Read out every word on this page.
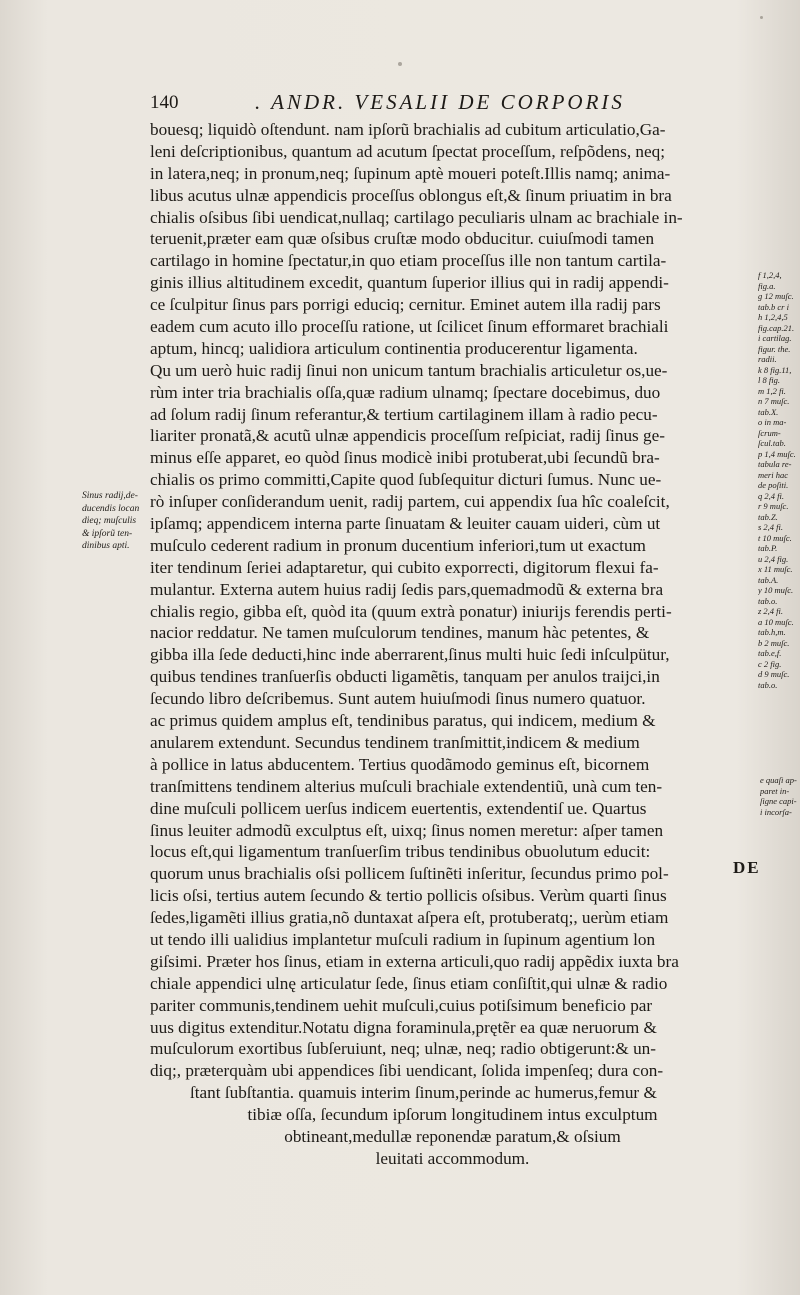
140	. ANDR. VESALII DE CORPORIS
bouesq; liquidò oſtendunt. nam ipſorũ brachialis ad cubitum articulatio,Ga-
leni deſcriptionibus, quantum ad acutum ſpectat proceſſum, reſpõdens, neq;
in latera,neq; in pronum,neq; ſupinum aptè moueri poteſt.Illis namq; anima-
libus acutus ulnæ appendicis proceſſus oblongus eſt,& ſinum priuatim in bra
chialis oſsibus ſibi uendicat,nullaq; cartilago peculiaris ulnam ac brachiale in-
teruenit,præter eam quæ oſsibus cruſtæ modo obducitur. cuiuſmodi tamen
cartilago in homine ſpectatur,in quo etiam proceſſus ille non tantum cartila-
ginis illius altitudinem excedit, quantum ſuperior illius qui in radij appendi-
ce ſculpitur ſinus pars porrigi educiq; cernitur. Eminet autem illa radij pars
eadem cum acuto illo proceſſu ratione, ut ſcilicet ſinum efformaret brachiali
aptum, hincq; ualidiora articulum continentia producerentur ligamenta.
Qu um uerò huic radij ſinui non unicum tantum brachialis articuletur os,ue-
rùm inter tria brachialis oſſa,quæ radium ulnamq; ſpectare docebimus, duo
ad ſolum radij ſinum referantur,& tertium cartilaginem illam à radio pecu-
liariter pronatã,& acutũ ulnæ appendicis proceſſum reſpiciat, radij ſinus ge-
minus eſſe apparet, eo quòd ſinus modicè inibi protuberat,ubi ſecundũ bra-
chialis os primo committi,Capite quod ſubſequitur dicturi ſumus. Nunc ue-
rò inſuper conſiderandum uenit, radij partem, cui appendix ſua hîc coaleſcit,
ipſamq; appendicem interna parte ſinuatam & leuiter cauam uideri, cùm ut
muſculo cederent radium in pronum ducentium inferiori,tum ut exactum
iter tendinum ſeriei adaptaretur, qui cubito exporrecti, digitorum flexui fa-
mulantur. Externa autem huius radij ſedis pars,quemadmodũ & externa bra
chialis regio, gibba eſt, quòd ita (quum extrà ponatur) iniurijs ferendis perti-
nacior reddatur. Ne tamen muſculorum tendines, manum hàc petentes, &
gibba illa ſede deducti,hinc inde aberrarent,ſinus multi huic ſedi inſculpütur,
quibus tendines tranſuerſis obducti ligamẽtis, tanquam per anulos traijci,in
ſecundo libro deſcribemus. Sunt autem huiuſmodi ſinus numero quatuor.
ac primus quidem amplus eſt, tendinibus paratus, qui indicem, medium &
anularem extendunt. Secundus tendinem tranſmittit,indicem & medium
à pollice in latus abducentem. Tertius quodãmodo geminus eſt, bicornem
tranſmittens tendinem alterius muſculi brachiale extendentiũ, unà cum ten-
dine muſculi pollicem uerſus indicem euertentis, extendentiſ ue. Quartus
ſinus leuiter admodũ exculptus eſt, uixq; ſinus nomen meretur: aſper tamen
locus eſt,qui ligamentum tranſuerſim tribus tendinibus obuolutum educit:
quorum unus brachialis oſsi pollicem ſuſtinẽti inſeritur, ſecundus primo pol-
licis oſsi, tertius autem ſecundo & tertio pollicis oſsibus. Verùm quarti ſinus
ſedes,ligamẽti illius gratia,nõ duntaxat aſpera eſt, protuberatq;, uerùm etiam
ut tendo illi ualidius implantetur muſculi radium in ſupinum agentium lon
giſsimi. Præter hos ſinus, etiam in externa articuli,quo radij appẽdix iuxta bra
chiale appendici ulnę articulatur ſede, ſinus etiam conſiſtit,qui ulnæ & radio
pariter communis,tendinem uehit muſculi,cuius potiſsimum beneficio par
uus digitus extenditur.Notatu digna foraminula,prętẽr ea quæ neruorum &
muſculorum exortibus ſubſeruiunt, neq; ulnæ, neq; radio obtigerunt:& un-
diq;, præterquàm ubi appendices ſibi uendicant, ſolida impenſeq; dura con-
ſtant ſubſtantia. quamuis interim ſinum,perinde ac humerus,femur &
tibiæ oſſa, ſecundum ipſorum longitudinem intus exculptum
obtineant,medullæ reponendæ paratum,& oſsium
leuitati accommodum.
Sinus radij,de-
ducendis locan
dieq; muſculis
& ipſorũ ten-
dinibus apti.
f 1,2,4,
fig.a.
g 12 muſc.
tab.b cr i
h 1,2,4,5
fig.cap.21.
i cartilag.
figur. the.
radii.
k 8 fig.11,
l 8 fig.
m 1,2 fi.
n 7 muſc.
tab.X.
o in ma-
ſcrum-
ſcul.tab.
p 1,4 muſc.
tabula re-
meri hac
de poſiti.
q 2,4 fi.
r 9 muſc.
tab.Z.
s 2,4 fi.
t 10 muſc.
tab.P.
u 2,4 fig.
x 11 muſc.
tab.A.
y 10 muſc.
tab.o.
z 2,4 fi.
a 10 muſc.
tab.h,m.
b 2 muſc.
tab.e,f.
c 2 fig.
d 9 muſc.
tab.o.
e quaſi ap-
paret in-
ſigne capi-
i incorſa-
DE
